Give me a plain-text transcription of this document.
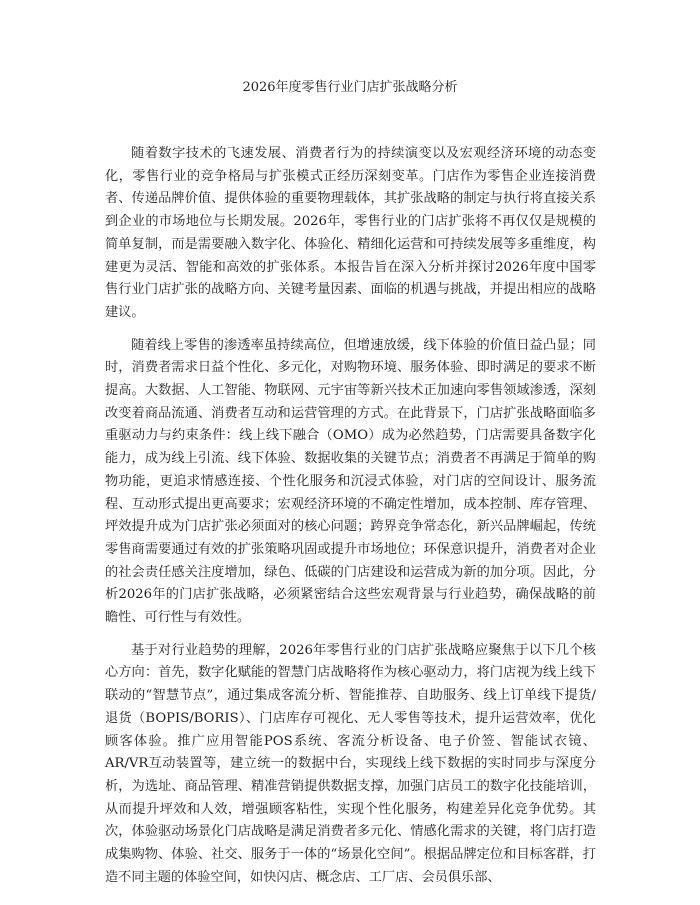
2026年度零售行业门店扩张战略分析

随着数字技术的飞速发展、消费者行为的持续演变以及宏观经济环境的动态变化，零售行业的竞争格局与扩张模式正经历深刻变革。门店作为零售企业连接消费者、传递品牌价值、提供体验的重要物理载体，其扩张战略的制定与执行将直接关系到企业的市场地位与长期发展。2026年，零售行业的门店扩张将不再仅仅是规模的简单复制，而是需要融入数字化、体验化、精细化运营和可持续发展等多重维度，构建更为灵活、智能和高效的扩张体系。本报告旨在深入分析并探讨2026年度中国零售行业门店扩张的战略方向、关键考量因素、面临的机遇与挑战，并提出相应的战略建议。

随着线上零售的渗透率虽持续高位，但增速放缓，线下体验的价值日益凸显；同时，消费者需求日益个性化、多元化，对购物环境、服务体验、即时满足的要求不断提高。大数据、人工智能、物联网、元宇宙等新兴技术正加速向零售领域渗透，深刻改变着商品流通、消费者互动和运营管理的方式。在此背景下，门店扩张战略面临多重驱动力与约束条件：线上线下融合（OMO）成为必然趋势，门店需要具备数字化能力，成为线上引流、线下体验、数据收集的关键节点；消费者不再满足于简单的购物功能，更追求情感连接、个性化服务和沉浸式体验，对门店的空间设计、服务流程、互动形式提出更高要求；宏观经济环境的不确定性增加，成本控制、库存管理、坪效提升成为门店扩张必须面对的核心问题；跨界竞争常态化，新兴品牌崛起，传统零售商需要通过有效的扩张策略巩固或提升市场地位；环保意识提升，消费者对企业的社会责任感关注度增加，绿色、低碳的门店建设和运营成为新的加分项。因此，分析2026年的门店扩张战略，必须紧密结合这些宏观背景与行业趋势，确保战略的前瞻性、可行性与有效性。

基于对行业趋势的理解，2026年零售行业的门店扩张战略应聚焦于以下几个核心方向：首先，数字化赋能的智慧门店战略将作为核心驱动力，将门店视为线上线下联动的“智慧节点”，通过集成客流分析、智能推荐、自助服务、线上订单线下提货/退货（BOPIS/BORIS）、门店库存可视化、无人零售等技术，提升运营效率，优化顾客体验。推广应用智能POS系统、客流分析设备、电子价签、智能试衣镜、AR/VR互动装置等，建立统一的数据中台，实现线上线下数据的实时同步与深度分析，为选址、商品管理、精准营销提供数据支撑，加强门店员工的数字化技能培训，从而提升坪效和人效，增强顾客粘性，实现个性化服务，构建差异化竞争优势。其次，体验驱动场景化门店战略是满足消费者多元化、情感化需求的关键，将门店打造成集购物、体验、社交、服务于一体的“场景化空间”。根据品牌定位和目标客群，打造不同主题的体验空间，如快闪店、概念店、工厂店、会员俱乐部、
